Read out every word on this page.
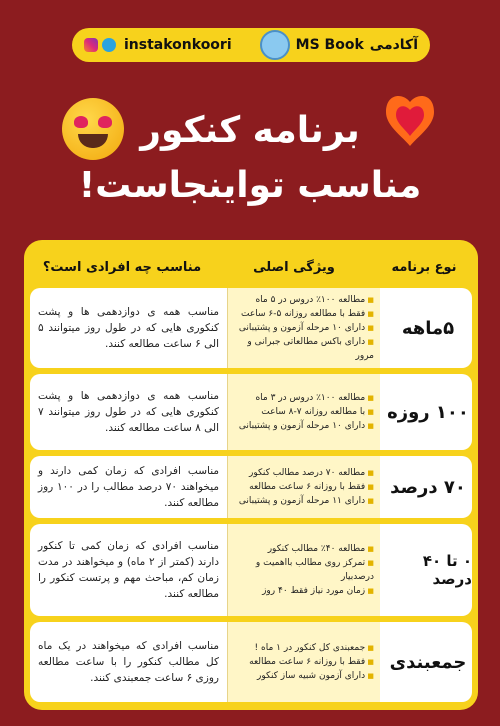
instakonkoori	MS Book آکادمی
برنامه کنکور
مناسب تواینجاست!
نوع برنامه
ویژگی اصلی
مناسب چه افرادی است؟
۵ماهه
■ مطالعه ۱۰۰٪ دروس در ۵ ماه
■ فقط با مطالعه روزانه ۵-۶ ساعت
■ دارای ۱۰ مرحله آزمون و پشتیبانی
■ دارای باکس مطالعاتی جبرانی و مرور
مناسب همه ی دوازدهمی ها و پشت کنکوری هایی که در طول روز میتوانند ۵ الی ۶ ساعت مطالعه کنند.
۱۰۰ روزه
■ مطالعه ۱۰۰٪ دروس در ۳ ماه
■ با مطالعه روزانه ۷-۸ ساعت
■ دارای ۱۰ مرحله آزمون و پشتیبانی
مناسب همه ی دوازدهمی ها و پشت کنکوری هایی که در طول روز میتوانند ۷ الی ۸ ساعت مطالعه کنند.
۷۰ درصد
■ مطالعه ۷۰ درصد مطالب کنکور
■ فقط با روزانه ۶ ساعت مطالعه
■ دارای ۱۱ مرحله آزمون و پشتیبانی
مناسب افرادی که زمان کمی دارند و میخواهند ۷۰ درصد مطالب را در ۱۰۰ روز مطالعه کنند.
۰ تا ۴۰ درصد
■ مطالعه ۴۰٪ مطالب کنکور
■ تمرکز روی مطالب بااهمیت و درصدبیار
■ زمان مورد نیاز فقط ۴۰ روز
مناسب افرادی که زمان کمی تا کنکور دارند (کمتر از ۲ ماه) و میخواهند در مدت زمان کم، مباحث مهم و پرتست کنکور را مطالعه کنند.
جمعبندی
■ جمعبندی کل کنکور در ۱ ماه !
■ فقط با روزانه ۶ ساعت مطالعه
■ دارای آزمون شبیه ساز کنکور
مناسب افرادی که میخواهند در یک ماه کل مطالب کنکور را با ساعت مطالعه روزی ۶ ساعت جمعبندی کنند.
